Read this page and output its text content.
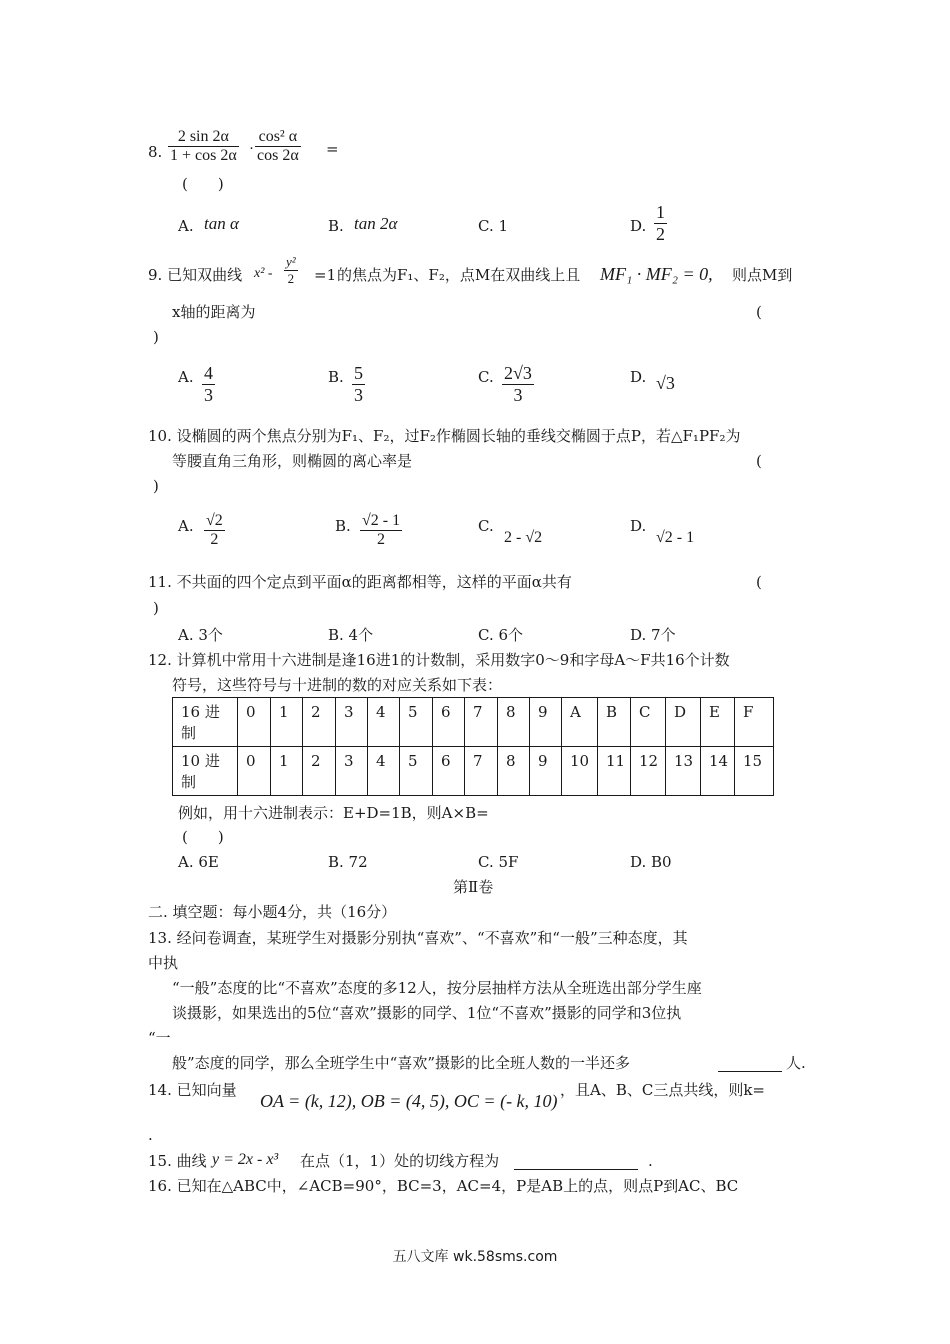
8. $\frac{2 \sin 2\alpha}{1 + \cos 2\alpha} \cdot \frac{\text{cos² α}}{\cos 2\alpha}$ =
(　　)
A. tan α	B. tan 2α	C. 1	D. $\frac{1}{2}$
9. 已知双曲线 $x^2 - \frac{\text{y²}}{2} =1$ 的焦点为F₁、F₂，点M在双曲线上且 MF₁ · MF₂ = 0, 则点M到
x轴的距离为	(
)
A. $\frac{4}{3}$	B. $\frac{5}{3}$	C. $\frac{2√3}{3}$	D. √3
10. 设椭圆的两个焦点分别为F₁、F₂，过F₂作椭圆长轴的垂线交椭圆于点P，若△F₁PF₂为
等腰直角三角形，则椭圆的离心率是	(
)
A. $\frac{√2}{2}$	B. $\frac{√2 - 1}{2}$	C.
2 - √2
D.
√2 - 1
11. 不共面的四个定点到平面α的距离都相等，这样的平面α共有	(
)
A. 3个	B. 4个	C. 6个	D. 7个
12. 计算机中常用十六进制是逢16进1的计数制，采用数字0～9和字母A～F共16个计数
符号，这些符号与十进制的数的对应关系如下表：
16 进制	0	1	2	3	4	5	6	7	8	9	A	B	C	D	E	F
10 进制	0	1	2	3	4	5	6	7	8	9	10	11	12	13	14	15
例如，用十六进制表示：E+D=1B，则A×B=
(　　)
A. 6E	B. 72	C. 5F	D. B0
第Ⅱ卷
二. 填空题：每小题4分，共（16分）
13. 经问卷调查，某班学生对摄影分别执“喜欢”、“不喜欢”和“一般”三种态度，其
中执
“一般”态度的比“不喜欢”态度的多12人，按分层抽样方法从全班选出部分学生座
谈摄影，如果选出的5位“喜欢”摄影的同学、1位“不喜欢”摄影的同学和3位执
“一
般”态度的同学，那么全班学生中“喜欢”摄影的比全班人数的一半还多	人.
14. 已知向量
OA = (k, 12), OB = (4, 5), OC = (- k, 10)
，且A、B、C三点共线，则k=
.
15. 曲线 y = 2x - x³ 在点（1，1）处的切线方程为	.
16. 已知在△ABC中，∠ACB=90°，BC=3，AC=4，P是AB上的点，则点P到AC、BC
五八文库 wk.58sms.com
